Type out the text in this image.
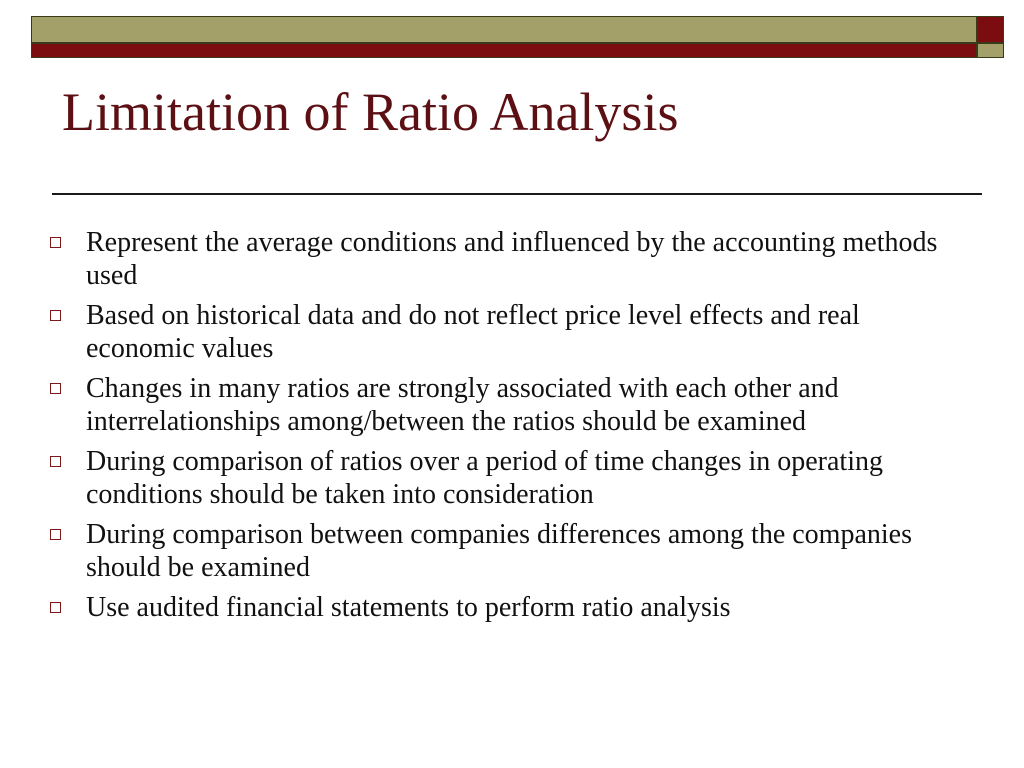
Limitation of Ratio Analysis
Represent the average conditions and influenced by the accounting methods used
Based on historical data and do not reflect price level effects and real economic values
Changes in many ratios are strongly associated with each other and interrelationships among/between the ratios should be examined
During comparison of ratios over a period of time changes in operating conditions should be taken into consideration
During comparison between companies differences among the companies should be examined
Use audited financial statements to perform ratio analysis
